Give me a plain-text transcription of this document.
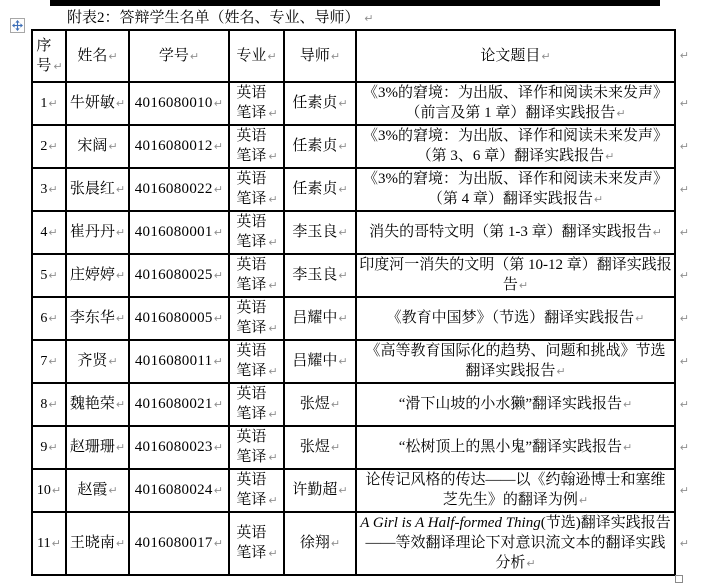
附表2：答辩学生名单（姓名、专业、导师） ↵
序号 ↵	姓名↵	学号↵	专业↵	导师↵	论文题目↵ ↵

1↵	牛妍敏↵	4016080010↵	英语笔译 ↵	任素贞↵	《3%的窘境：为出版、译作和阅读未来发声》（前言及第 1 章）翻译实践报告↵
↵

2↵	宋阔↵	4016080012↵	英语笔译 ↵	任素贞↵	《3%的窘境：为出版、译作和阅读未来发声》（第 3、6 章）翻译实践报告↵
↵

3↵	张晨红↵	4016080022↵	英语笔译 ↵	任素贞↵	《3%的窘境：为出版、译作和阅读未来发声》（第 4 章）翻译实践报告↵
↵

4↵	崔丹丹↵	4016080001↵	英语笔译 ↵	李玉良↵	消失的哥特文明（第 1-3 章）翻译实践报告↵ ↵

5↵	庄婷婷↵	4016080025↵	英语笔译 ↵	李玉良↵	印度河一消失的文明（第 10-12 章）翻译实践报告↵
↵

6↵	李东华↵	4016080005↵	英语笔译 ↵	吕耀中↵	《教育中国梦》（节选）翻译实践报告↵ ↵

7↵	齐贤↵	4016080011↵	英语笔译 ↵	吕耀中↵	《高等教育国际化的趋势、问题和挑战》节选翻译实践报告↵
↵

8↵	魏艳荣↵	4016080021↵	英语笔译 ↵	张煜↵	“滑下山坡的小水獭”翻译实践报告↵ ↵

9↵	赵珊珊↵	4016080023↵	英语笔译 ↵	张煜↵	“松树顶上的黑小鬼”翻译实践报告↵ ↵

10↵	赵霞↵	4016080024↵	英语笔译 ↵	许勤超↵	论传记风格的传达——以《约翰逊博士和塞维芝先生》的翻译为例↵
↵

11↵	王晓南↵	4016080017↵	英语笔译 ↵	徐翔↵	A Girl is A Half-formed Thing(节选)翻译实践报告——等效翻译理论下对意识流文本的翻译实践分析↵
↵
